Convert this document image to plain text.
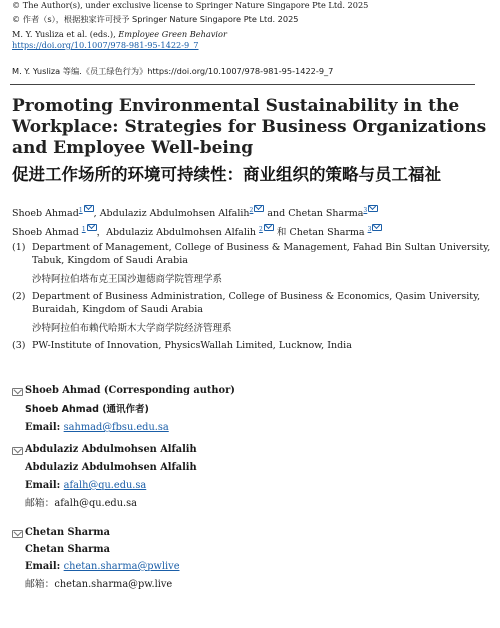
© The Author(s), under exclusive license to Springer Nature Singapore Pte Ltd. 2025
© 作者（s），根据独家许可授予 Springer Nature Singapore Pte Ltd. 2025
M. Y. Yusliza et al. (eds.), Employee Green Behavior
https://doi.org/10.1007/978-981-95-1422-9_7
M. Y. Yusliza 等编.《员工绿色行为》https://doi.org/10.1007/978-981-95-1422-9_7
Promoting Environmental Sustainability in the Workplace: Strategies for Business Organizations and Employee Well-being
促进工作场所的环境可持续性：商业组织的策略与员工福祉
Shoeb Ahmad$^1$ , Abdulaziz Abdulmohsen Alfalih$^2$ and Chetan Sharma$^3$
Shoeb Ahmad $^1$ ，Abdulaziz Abdulmohsen Alfalih $^2$ 和 Chetan Sharma $^3$
(1) Department of Management, College of Business & Management, Fahad Bin Sultan University,
Tabuk, Kingdom of Saudi Arabia
沙特阿拉伯塔布克王国沙迦德商学院管理学系
(2) Department of Business Administration, College of Business & Economics, Qasim University,
Buraidah, Kingdom of Saudi Arabia
沙特阿拉伯布赖代哈斯木大学商学院经济管理系
(3) PW-Institute of Innovation, PhysicsWallah Limited, Lucknow, India
Shoeb Ahmad (Corresponding author)
Shoeb Ahmad (通讯作者)
Email: sahmad@fbsu.edu.sa
Abdulaziz Abdulmohsen Alfalih
Abdulaziz Abdulmohsen Alfalih
Email: afalh@qu.edu.sa
邮箱：afalh@qu.edu.sa
Chetan Sharma
Chetan Sharma
Email: chetan.sharma@pwlive
邮箱：chetan.sharma@pw.live
